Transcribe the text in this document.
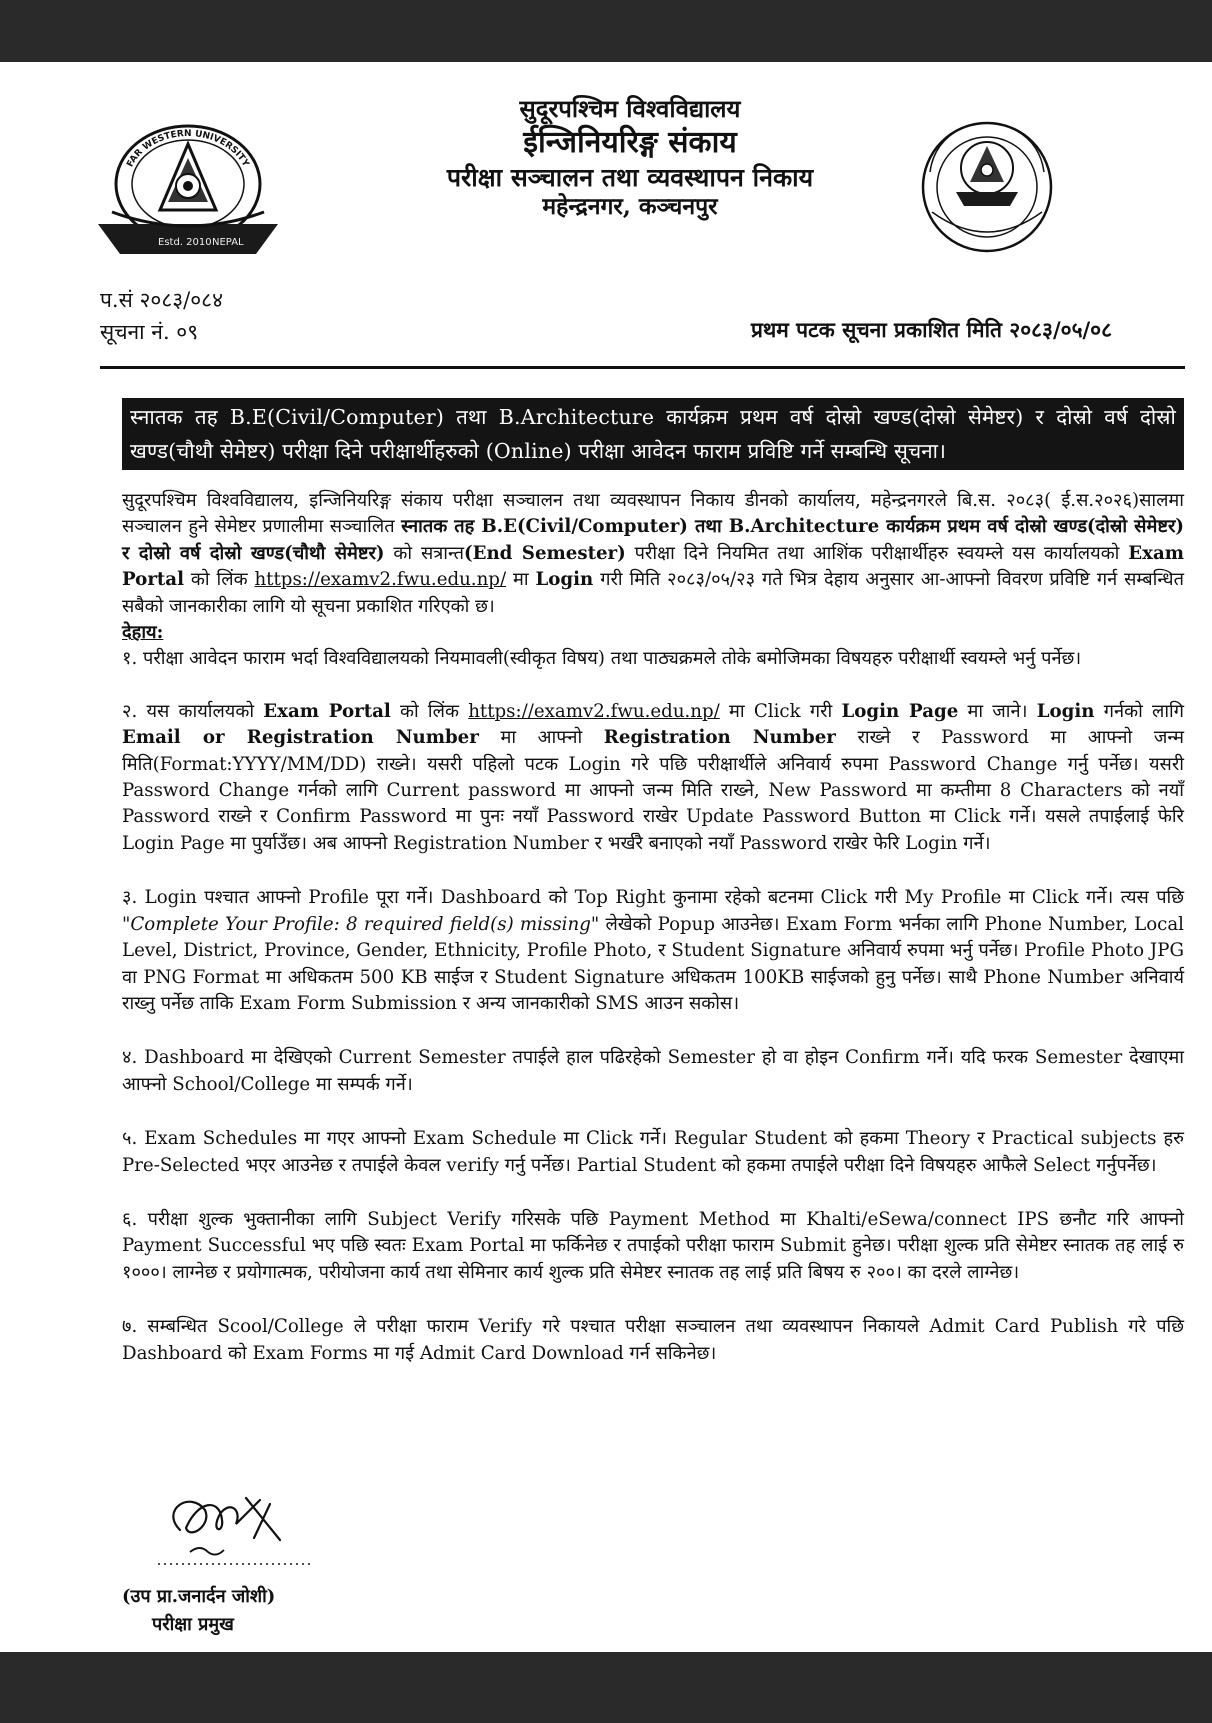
FAR WESTERN UNIVERSITY
Estd. 2010 NEPAL
सुदूरपश्चिम विश्वविद्यालय
ईन्जिनियरिङ्ग संकाय
परीक्षा सञ्चालन तथा व्यवस्थापन निकाय
महेन्द्रनगर, कञ्चनपुर
प.सं २०८३/०८४
सूचना नं. ०९	प्रथम पटक सूचना प्रकाशित मिति २०८३/०५/०८
स्नातक तह B.E(Civil/Computer) तथा B.Architecture कार्यक्रम प्रथम वर्ष दोस्रो खण्ड(दोस्रो सेमेष्टर) र दोस्रो वर्ष दोस्रो खण्ड(चौथौ सेमेष्टर) परीक्षा दिने परीक्षार्थीहरुको (Online) परीक्षा आवेदन फाराम प्रविष्टि गर्ने सम्बन्धि सूचना।

सुदूरपश्चिम विश्वविद्यालय, इन्जिनियरिङ्ग संकाय परीक्षा सञ्चालन तथा व्यवस्थापन निकाय डीनको कार्यालय, महेन्द्रनगरले बि.स. २०८३( ई.स.२०२६)सालमा सञ्चालन हुने सेमेष्टर प्रणालीमा सञ्चालित स्नातक तह B.E(Civil/Computer) तथा B.Architecture कार्यक्रम प्रथम वर्ष दोस्रो खण्ड(दोस्रो सेमेष्टर) र दोस्रो वर्ष दोस्रो खण्ड(चौथौ सेमेष्टर) को सत्रान्त(End Semester) परीक्षा दिने नियमित तथा आशिंक परीक्षार्थीहरु स्वयम्ले यस कार्यालयको Exam Portal को लिंक https://examv2.fwu.edu.np/ मा Login गरी मिति २०८३/०५/२३ गते भित्र देहाय अनुसार आ-आफ्नो विवरण प्रविष्टि गर्न सम्बन्धित सबैको जानकारीका लागि यो सूचना प्रकाशित गरिएको छ।

देहाय:

१. परीक्षा आवेदन फाराम भर्दा विश्वविद्यालयको नियमावली(स्वीकृत विषय) तथा पाठ्यक्रमले तोके बमोजिमका विषयहरु परीक्षार्थी स्वयम्ले भर्नु पर्नेछ।

२. यस कार्यालयको Exam Portal को लिंक https://examv2.fwu.edu.np/ मा Click गरी Login Page मा जाने। Login गर्नको लागि Email or Registration Number मा आफ्नो Registration Number राख्ने र Password मा आफ्नो जन्म मिति(Format:YYYY/MM/DD) राख्ने। यसरी पहिलो पटक Login गरे पछि परीक्षार्थीले अनिवार्य रुपमा Password Change गर्नु पर्नेछ। यसरी Password Change गर्नको लागि Current password मा आफ्नो जन्म मिति राख्ने, New Password मा कम्तीमा 8 Characters को नयाँ Password राख्ने र Confirm Password मा पुनः नयाँ Password राखेर Update Password Button मा Click गर्ने। यसले तपाईलाई फेरि Login Page मा पुर्याउँछ। अब आफ्नो Registration Number र भर्खरै बनाएको नयाँ Password राखेर फेरि Login गर्ने।

३. Login पश्चात आफ्नो Profile पूरा गर्ने। Dashboard को Top Right कुनामा रहेको बटनमा Click गरी My Profile मा Click गर्ने। त्यस पछि "Complete Your Profile: 8 required field(s) missing" लेखेको Popup आउनेछ। Exam Form भर्नका लागि Phone Number, Local Level, District, Province, Gender, Ethnicity, Profile Photo, र Student Signature अनिवार्य रुपमा भर्नु पर्नेछ। Profile Photo JPG वा PNG Format मा अधिकतम 500 KB साईज र Student Signature अधिकतम 100KB साईजको हुनु पर्नेछ। साथै Phone Number अनिवार्य राख्नु पर्नेछ ताकि Exam Form Submission र अन्य जानकारीको SMS आउन सकोस।

४. Dashboard मा देखिएको Current Semester तपाईले हाल पढिरहेको Semester हो वा होइन Confirm गर्ने। यदि फरक Semester देखाएमा आफ्नो School/College मा सम्पर्क गर्ने।

५. Exam Schedules मा गएर आफ्नो Exam Schedule मा Click गर्ने। Regular Student को हकमा Theory र Practical subjects हरु Pre-Selected भएर आउनेछ र तपाईले केवल verify गर्नु पर्नेछ। Partial Student को हकमा तपाईले परीक्षा दिने विषयहरु आफैले Select गर्नुपर्नेछ।

६. परीक्षा शुल्क भुक्तानीका लागि Subject Verify गरिसके पछि Payment Method मा Khalti/eSewa/connect IPS छनौट गरि आफ्नो Payment Successful भए पछि स्वतः Exam Portal मा फर्किनेछ र तपाईको परीक्षा फाराम Submit हुनेछ। परीक्षा शुल्क प्रति सेमेष्टर स्नातक तह लाई रु १०००। लाग्नेछ र प्रयोगात्मक, परीयोजना कार्य तथा सेमिनार कार्य शुल्क प्रति सेमेष्टर स्नातक तह लाई प्रति बिषय रु २००। का दरले लाग्नेछ।

७. सम्बन्धित Scool/College ले परीक्षा फाराम Verify गरे पश्चात परीक्षा सञ्चालन तथा व्यवस्थापन निकायले Admit Card Publish गरे पछि Dashboard को Exam Forms मा गई Admit Card Download गर्न सकिनेछ।

(उप प्रा.जनार्दन जोशी)
परीक्षा प्रमुख
